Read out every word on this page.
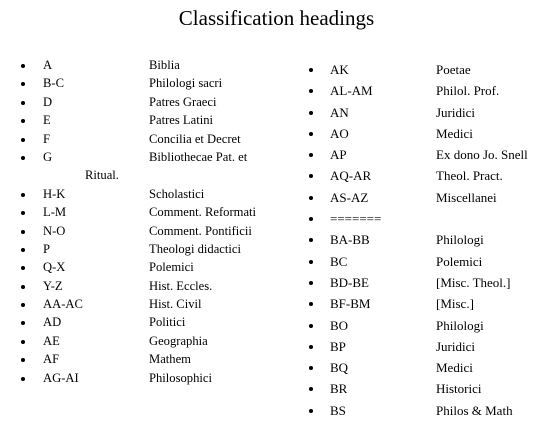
Classification headings
A	Biblia
B-C	Philologi sacri
D	Patres Graeci
E	Patres Latini
F	Concilia et Decret
G	Bibliothecae Pat. et
Ritual.
H-K	Scholastici
L-M	Comment. Reformati
N-O	Comment. Pontificii
P	Theologi didactici
Q-X	Polemici
Y-Z	Hist. Eccles.
AA-AC	Hist. Civil
AD	Politici
AE	Geographia
AF	Mathem
AG-AI	Philosophici
AK	Poetae
AL-AM	Philol. Prof.
AN	Juridici
AO	Medici
AP	Ex dono Jo. Snell
AQ-AR	Theol. Pract.
AS-AZ	Miscellanei
=======
BA-BB	Philologi
BC	Polemici
BD-BE	[Misc. Theol.]
BF-BM	[Misc.]
BO	Philologi
BP	Juridici
BQ	Medici
BR	Historici
BS	Philos & Math
